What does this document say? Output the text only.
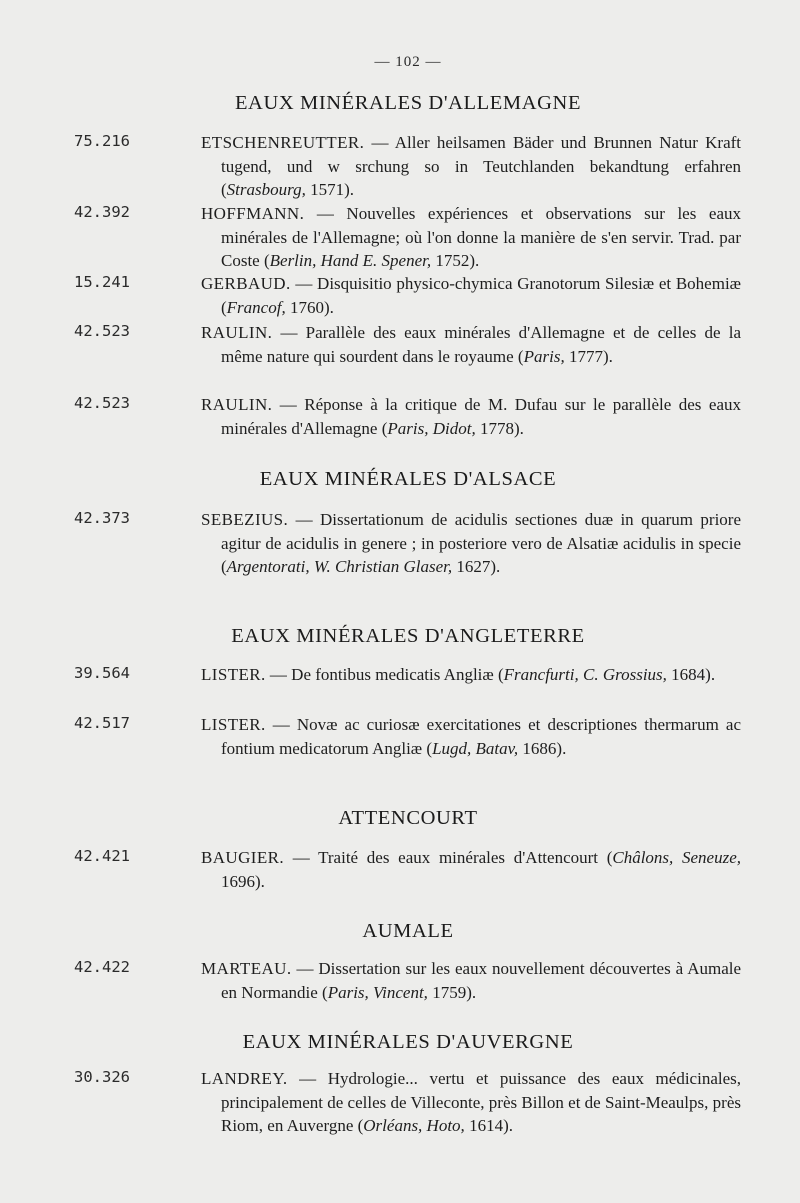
— 102 —
EAUX MINÉRALES D'ALLEMAGNE
75.216	ETSCHENREUTTER. — Aller heilsamen Bäder und Brunnen Natur Kraft tugend, und w srchung so in Teutchlanden bekandtung erfahren (Strasbourg, 1571).
42.392	HOFFMANN. — Nouvelles expériences et observations sur les eaux minérales de l'Allemagne; où l'on donne la manière de s'en servir. Trad. par Coste (Berlin, Hand E. Spener, 1752).
15.241	GERBAUD. — Disquisitio physico-chymica Granotorum Silesiæ et Bohemiæ (Francof, 1760).
42.523	RAULIN. — Parallèle des eaux minérales d'Allemagne et de celles de la même nature qui sourdent dans le royaume (Paris, 1777).
42.523	RAULIN. — Réponse à la critique de M. Dufau sur le parallèle des eaux minérales d'Allemagne (Paris, Didot, 1778).
EAUX MINÉRALES D'ALSACE
42.373	SEBEZIUS. — Dissertationum de acidulis sectiones duæ in quarum priore agitur de acidulis in genere ; in posteriore vero de Alsatiæ acidulis in specie (Argentorati, W. Christian Glaser, 1627).
EAUX MINÉRALES D'ANGLETERRE
39.564	LISTER. — De fontibus medicatis Angliæ (Francfurti, C. Grossius, 1684).
42.517	LISTER. — Novæ ac curiosæ exercitationes et descriptiones thermarum ac fontium medicatorum Angliæ (Lugd, Batav, 1686).
ATTENCOURT
42.421	BAUGIER. — Traité des eaux minérales d'Attencourt (Châlons, Seneuze, 1696).
AUMALE
42.422	MARTEAU. — Dissertation sur les eaux nouvellement découvertes à Aumale en Normandie (Paris, Vincent, 1759).
EAUX MINÉRALES D'AUVERGNE
30.326	LANDREY. — Hydrologie... vertu et puissance des eaux médicinales, principalement de celles de Villeconte, près Billon et de Saint-Meaulps, près Riom, en Auvergne (Orléans, Hoto, 1614).
